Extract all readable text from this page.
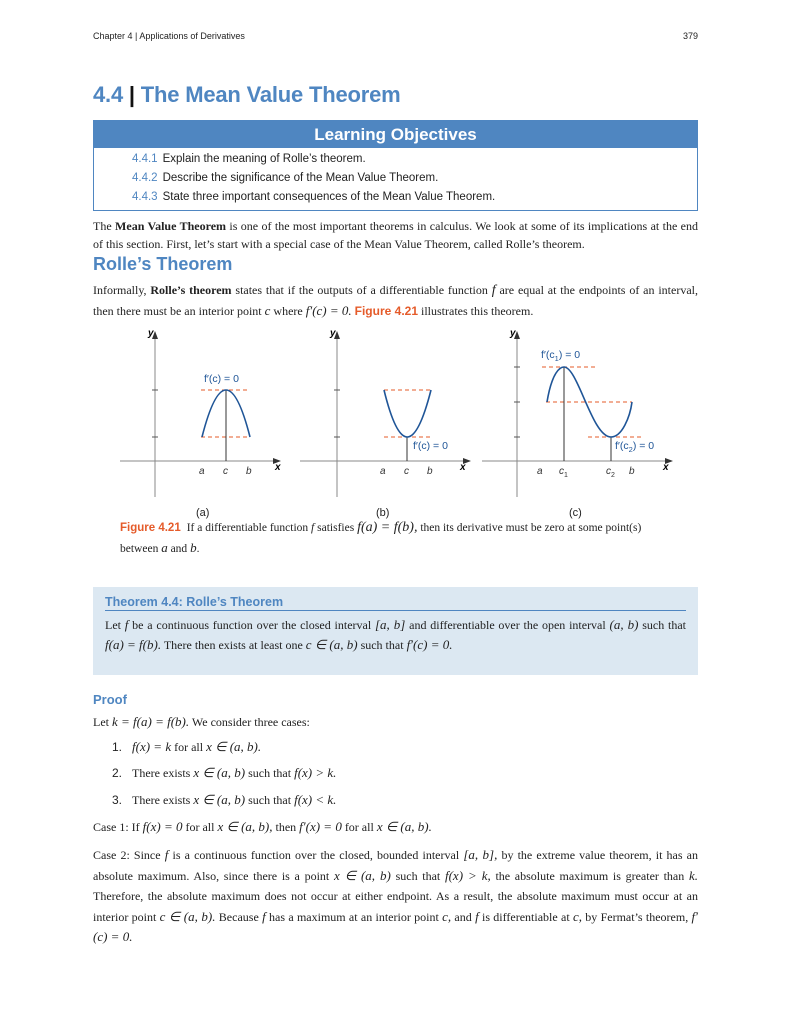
Chapter 4 | Applications of Derivatives	379
4.4 | The Mean Value Theorem
Learning Objectives
4.4.1 Explain the meaning of Rolle’s theorem.
4.4.2 Describe the significance of the Mean Value Theorem.
4.4.3 State three important consequences of the Mean Value Theorem.
The Mean Value Theorem is one of the most important theorems in calculus. We look at some of its implications at the end of this section. First, let’s start with a special case of the Mean Value Theorem, called Rolle’s theorem.
Rolle’s Theorem
Informally, Rolle’s theorem states that if the outputs of a differentiable function f are equal at the endpoints of an interval, then there must be an interior point c where f′(c) = 0. Figure 4.21 illustrates this theorem.
y
x
a c b
f′(c) = 0
y
x
a c b
f′(c) = 0
y
x
a $c_1$	$c_2$ b
$f'(c_1) = 0$
$f'(c_2) = 0$
(a)	(b)	(c)
Figure 4.21 If a differentiable function f satisfies f(a) = f(b), then its derivative must be zero at some point(s) between a and b.
Theorem 4.4: Rolle’s Theorem
Let f be a continuous function over the closed interval [a, b] and differentiable over the open interval (a, b) such that f(a) = f(b). There then exists at least one c ∈ (a, b) such that f′(c) = 0.
Proof
Let k = f(a) = f(b). We consider three cases:
1. f(x) = k for all x ∈ (a, b).
2. There exists x ∈ (a, b) such that f(x) > k.
3. There exists x ∈ (a, b) such that f(x) < k.
Case 1: If f(x) = 0 for all x ∈ (a, b), then f′(x) = 0 for all x ∈ (a, b).
Case 2: Since f is a continuous function over the closed, bounded interval [a, b], by the extreme value theorem, it has an absolute maximum. Also, since there is a point x ∈ (a, b) such that f(x) > k, the absolute maximum is greater than k. Therefore, the absolute maximum does not occur at either endpoint. As a result, the absolute maximum must occur at an interior point c ∈ (a, b). Because f has a maximum at an interior point c, and f is differentiable at c, by Fermat’s theorem, f′(c) = 0.
